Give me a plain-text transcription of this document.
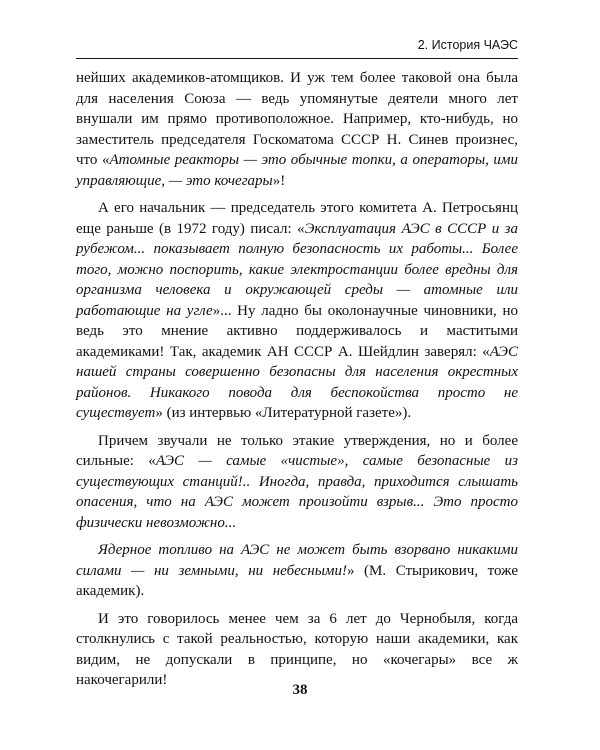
2. История ЧАЭС

нейших академиков-атомщиков. И уж тем более таковой она была для населения Союза — ведь упомянутые деятели много лет внушали им прямо противоположное. Например, кто-нибудь, но заместитель председателя Госкоматома СССР Н. Синев произнес, что «Атомные реакторы — это обычные топки, а операторы, ими управляющие, — это кочегары»!

А его начальник — председатель этого комитета А. Петросьянц еще раньше (в 1972 году) писал: «Эксплуатация АЭС в СССР и за рубежом... показывает полную безопасность их работы... Более того, можно поспорить, какие электростанции более вредны для организма человека и окружающей среды — атомные или работающие на угле»... Ну ладно бы околонаучные чиновники, но ведь это мнение активно поддерживалось и маститыми академиками! Так, академик АН СССР А. Шейдлин заверял: «АЭС нашей страны совершенно безопасны для населения окрестных районов. Никакого повода для беспокойства просто не существует» (из интервью «Литературной газете»).

Причем звучали не только этакие утверждения, но и более сильные: «АЭС — самые «чистые», самые безопасные из существующих станций!.. Иногда, правда, приходится слышать опасения, что на АЭС может произойти взрыв... Это просто физически невозможно...

Ядерное топливо на АЭС не может быть взорвано никакими силами — ни земными, ни небесными!» (М. Стырикович, тоже академик).

И это говорилось менее чем за 6 лет до Чернобыля, когда столкнулись с такой реальностью, которую наши академики, как видим, не допускали в принципе, но «кочегары» все ж накочегарили!

38
